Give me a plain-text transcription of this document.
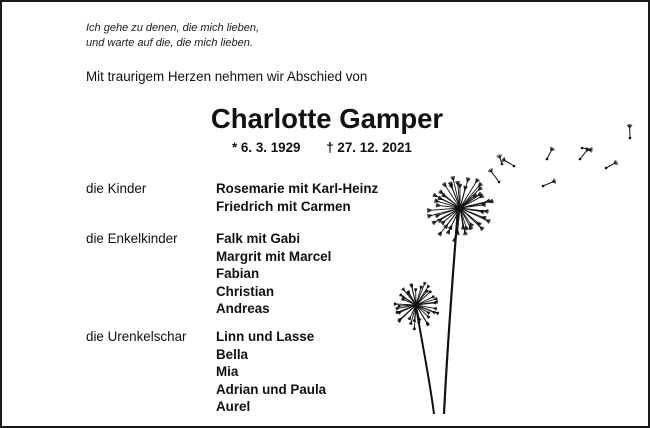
Ich gehe zu denen, die mich lieben,
und warte auf die, die mich lieben.
Mit traurigem Herzen nehmen wir Abschied von
Charlotte Gamper
* 6. 3. 1929 † 27. 12. 2021
die Kinder	Rosemarie mit Karl-Heinz
Friedrich mit Carmen
die Enkelkinder	Falk mit Gabi
Margrit mit Marcel
Fabian
Christian
Andreas
die Urenkelschar Linn und Lasse
Bella
Mia
Adrian und Paula
Aurel
